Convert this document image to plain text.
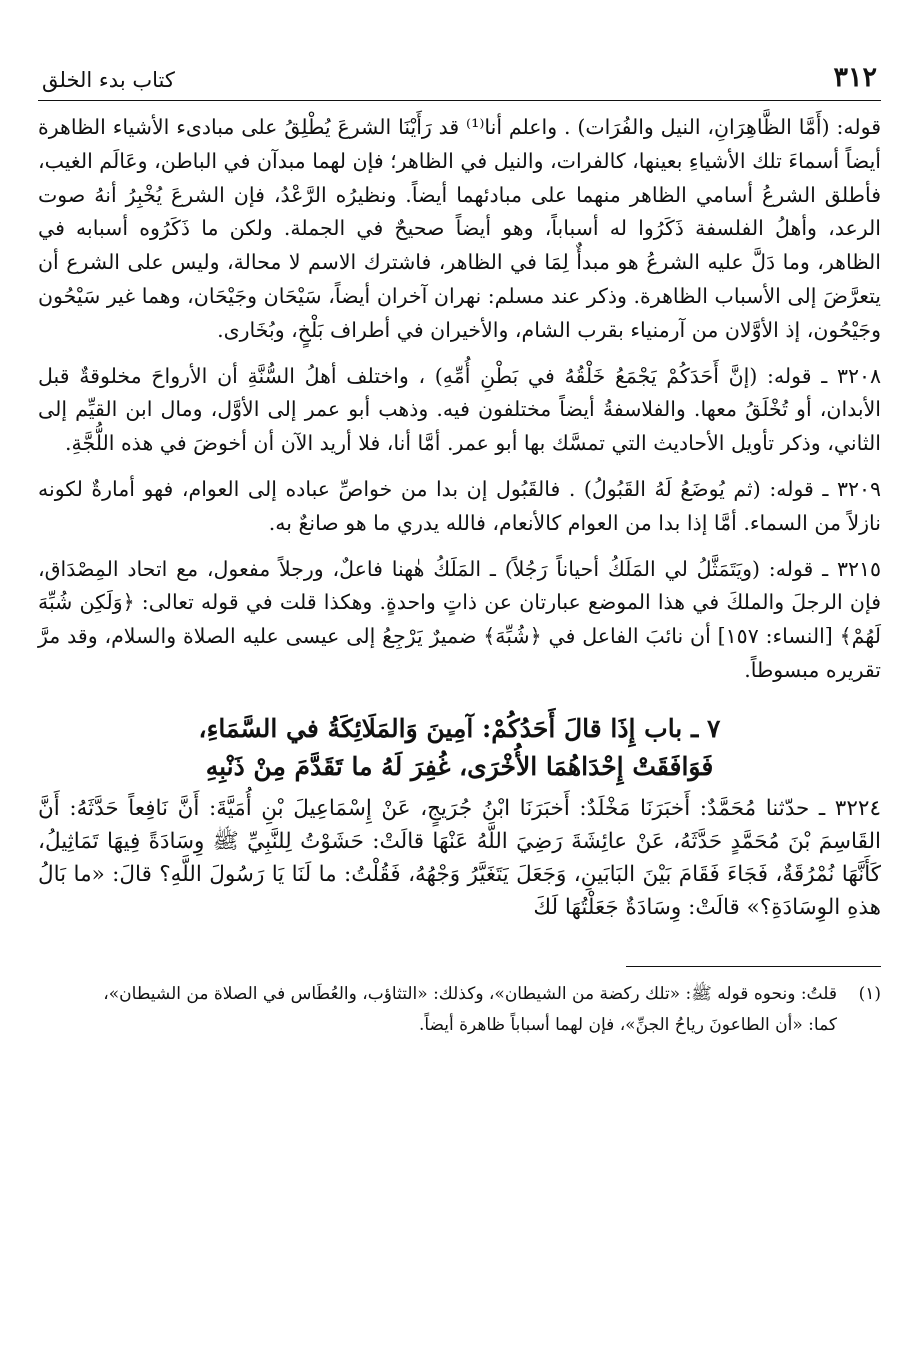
٣١٢
كتاب بدء الخلق

قوله: (أَمَّا الظَّاهِرَانِ، النيل والفُرَات) . واعلم أنا⁽¹⁾ قد رَأَيْنَا الشرعَ يُطْلِقُ على مبادىء الأشياء الظاهرة أيضاً أسماءَ تلك الأشياءِ بعينها، كالفرات، والنيل في الظاهر؛ فإن لهما مبدآن في الباطن، وعَالَم الغيب، فأطلق الشرعُ أسامي الظاهر منهما على مبادئهما أيضاً. ونظيرُه الرَّعْدُ، فإن الشرعَ يُخْبِرُ أنهُ صوت الرعد، وأهلُ الفلسفة ذَكَرُوا له أسباباً، وهو أيضاً صحيحٌ في الجملة. ولكن ما ذَكَرُوه أسبابه في الظاهر، وما دَلَّ عليه الشرعُ هو مبدأٌ لِمَا في الظاهر، فاشترك الاسم لا محالة، وليس على الشرع أن يتعرَّضَ إلى الأسباب الظاهرة. وذكر عند مسلم: نهران آخران أيضاً، سَيْحَان وجَيْحَان، وهما غير سَيْحُون وجَيْحُون، إذ الأوَّلان من آرمنياء بقرب الشام، والأخيران في أطراف بَلْخٍ، وبُخَارى.

٣٢٠٨ ـ قوله: (إنَّ أَحَدَكُمْ يَجْمَعُ خَلْقُهُ في بَطْنِ أُمِّهِ) ، واختلف أهلُ السُّنَّةِ أن الأرواحَ مخلوقةٌ قبل الأبدان، أو تُخْلَقُ معها. والفلاسفةُ أيضاً مختلفون فيه. وذهب أبو عمر إلى الأوَّل، ومال ابن القيِّم إلى الثاني، وذكر تأويل الأحاديث التي تمسَّك بها أبو عمر. أمَّا أنا، فلا أريد الآن أن أخوضَ في هذه اللُّجَّةِ.

٣٢٠٩ ـ قوله: (ثم يُوضَعُ لَهُ القَبُولُ) . فالقَبُول إن بدا من خواصِّ عباده إلى العوام، فهو أمارةٌ لكونه نازلاً من السماء. أمَّا إذا بدا من العوام كالأنعام، فالله يدري ما هو صانعٌ به.

٣٢١٥ ـ قوله: (ويَتَمَثَّلُ لي المَلَكُ أحياناً رَجُلاً) ـ المَلَكُ هٰهنا فاعلٌ، ورجلاً مفعول، مع اتحاد المِصْدَاق، فإن الرجلَ والملكَ في هذا الموضع عبارتان عن ذاتٍ واحدةٍ. وهكذا قلت في قوله تعالى: ﴿وَلَكِن شُبِّهَ لَهُمْ﴾ [النساء: ١٥٧] أن نائبَ الفاعل في ﴿شُبِّهَ﴾ ضميرٌ يَرْجِعُ إلى عيسى عليه الصلاة والسلام، وقد مرَّ تقريره مبسوطاً.

٧ ـ باب إِذَا قالَ أَحَدُكُمْ: آمِينَ وَالمَلَائِكَةُ في السَّمَاءِ،
فَوَافَقَتْ إِحْدَاهُمَا الأُخْرَى، غُفِرَ لَهُ ما تَقَدَّمَ مِنْ ذَنْبِهِ

٣٢٢٤ ـ حدّثنا مُحَمَّدٌ: أَخبَرَنَا مَخْلَدٌ: أَخبَرَنَا ابْنُ جُرَيجٍ، عَنْ إِسْمَاعِيلَ بْنِ أُمَيَّةَ: أَنَّ نَافِعاً حَدَّثَهُ: أَنَّ القَاسِمَ بْنَ مُحَمَّدٍ حَدَّثَهُ، عَنْ عائِشَةَ رَضِيَ اللَّهُ عَنْهَا قالَتْ: حَشَوْتُ لِلنَّبِيِّ ﷺ وِسَادَةً فِيهَا تَمَاثِيلُ، كَأَنَّهَا نُمْرُقَةٌ، فَجَاءَ فَقَامَ بَيْنَ البَابَينِ، وَجَعَلَ يَتَغَيَّرُ وَجْهُهُ، فَقُلْتُ: ما لَنَا يَا رَسُولَ اللَّهِ؟ قالَ: «ما بَالُ هذهِ الوِسَادَةِ؟» قالَتْ: وِسَادَةٌ جَعَلْتُهَا لَكَ

(١)
قلتُ: ونحوه قوله ﷺ: «تلك ركضة من الشيطان»، وكذلك: «التثاؤب، والعُطَاس في الصلاة من الشيطان»،
كما: «أن الطاعونَ رياحُ الجنِّ»، فإن لهما أسباباً ظاهرة أيضاً.
